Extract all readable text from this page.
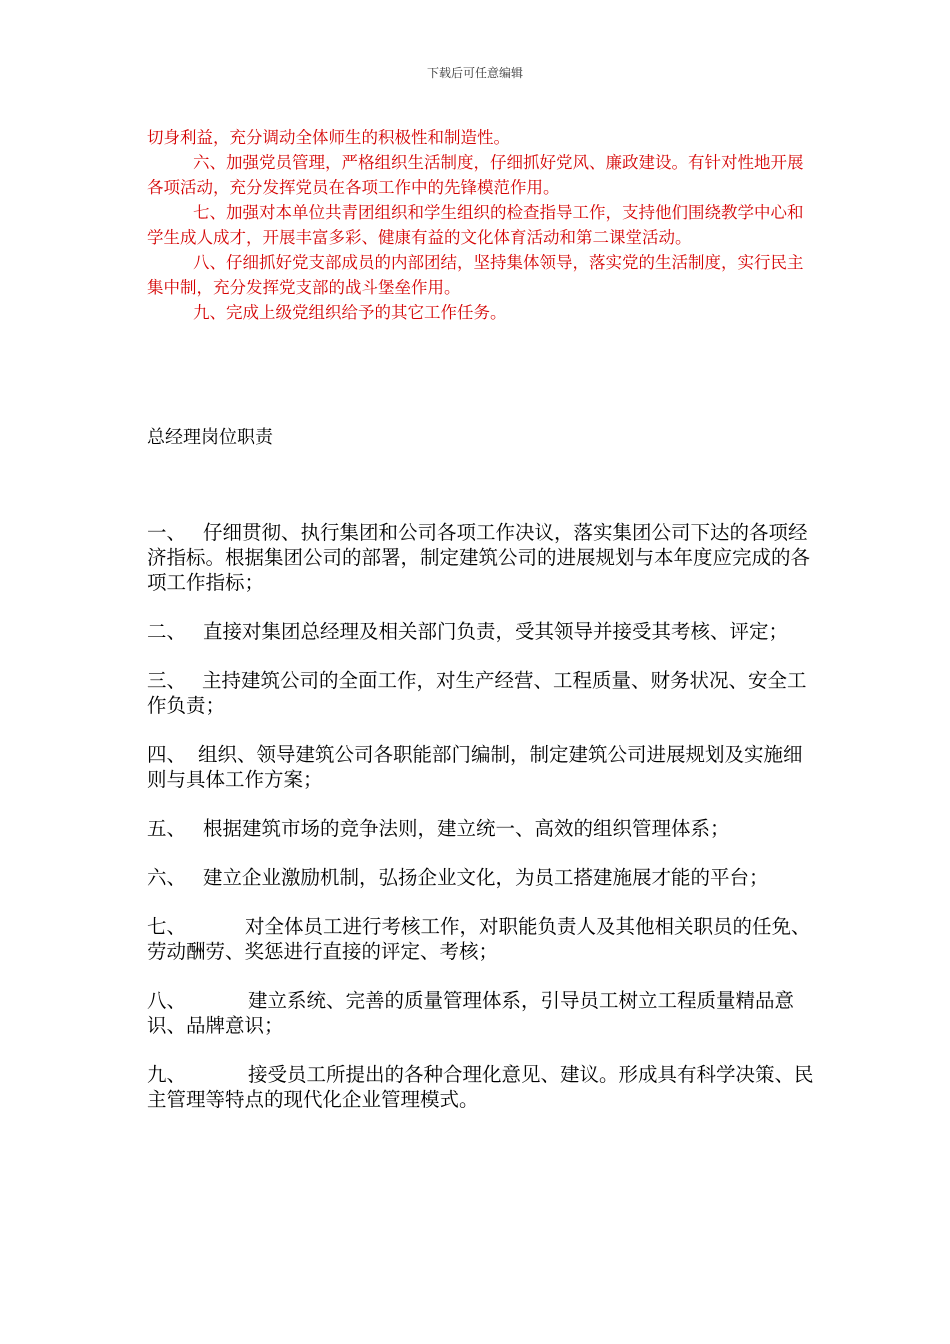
下载后可任意编辑

切身利益，充分调动全体师生的积极性和制造性。

六、加强党员管理，严格组织生活制度，仔细抓好党风、廉政建设。有针对性地开展各项活动，充分发挥党员在各项工作中的先锋模范作用。

七、加强对本单位共青团组织和学生组织的检查指导工作，支持他们围绕教学中心和学生成人成才，开展丰富多彩、健康有益的文化体育活动和第二课堂活动。

八、仔细抓好党支部成员的内部团结，坚持集体领导，落实党的生活制度，实行民主集中制，充分发挥党支部的战斗堡垒作用。

九、完成上级党组织给予的其它工作任务。

总经理岗位职责

一、 仔细贯彻、执行集团和公司各项工作决议，落实集团公司下达的各项经济指标。根据集团公司的部署，制定建筑公司的进展规划与本年度应完成的各项工作指标；

二、 直接对集团总经理及相关部门负责，受其领导并接受其考核、评定；

三、 主持建筑公司的全面工作，对生产经营、工程质量、财务状况、安全工作负责；

四、 组织、领导建筑公司各职能部门编制，制定建筑公司进展规划及实施细则与具体工作方案；

五、 根据建筑市场的竞争法则，建立统一、高效的组织管理体系；

六、 建立企业激励机制，弘扬企业文化，为员工搭建施展才能的平台；

七、	对全体员工进行考核工作，对职能负责人及其他相关职员的任免、劳动酬劳、奖惩进行直接的评定、考核；

八、	建立系统、完善的质量管理体系，引导员工树立工程质量精品意识、品牌意识；

九、	接受员工所提出的各种合理化意见、建议。形成具有科学决策、民主管理等特点的现代化企业管理模式。
